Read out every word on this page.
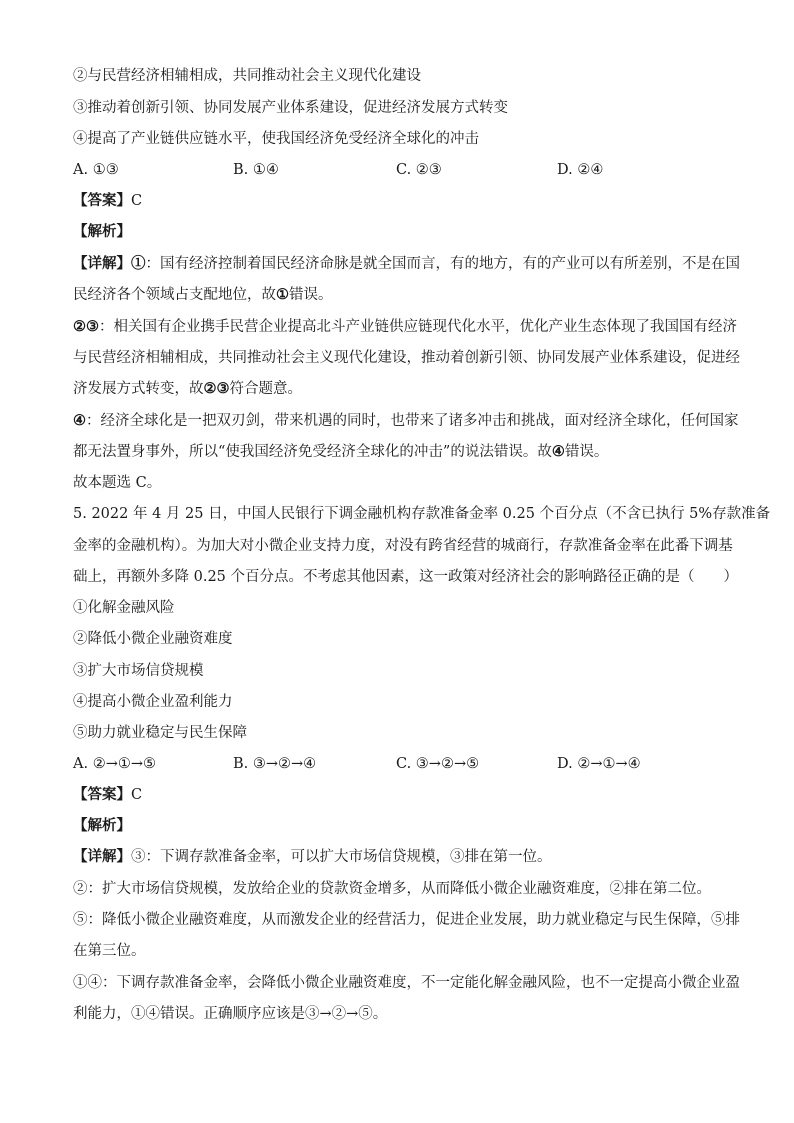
②与民营经济相辅相成，共同推动社会主义现代化建设
③推动着创新引领、协同发展产业体系建设，促进经济发展方式转变
④提高了产业链供应链水平，使我国经济免受经济全球化的冲击
A. ①③	B. ①④	C. ②③	D. ②④
【答案】C
【解析】
【详解】①：国有经济控制着国民经济命脉是就全国而言，有的地方，有的产业可以有所差别，不是在国
民经济各个领域占支配地位，故①错误。
②③：相关国有企业携手民营企业提高北斗产业链供应链现代化水平，优化产业生态体现了我国国有经济
与民营经济相辅相成，共同推动社会主义现代化建设，推动着创新引领、协同发展产业体系建设，促进经
济发展方式转变，故②③符合题意。
④：经济全球化是一把双刃剑，带来机遇的同时，也带来了诸多冲击和挑战，面对经济全球化，任何国家
都无法置身事外，所以“使我国经济免受经济全球化的冲击”的说法错误。故④错误。
故本题选 C。
5. 2022 年 4 月 25 日，中国人民银行下调金融机构存款准备金率 0.25 个百分点（不含已执行 5%存款准备
金率的金融机构）。为加大对小微企业支持力度，对没有跨省经营的城商行，存款准备金率在此番下调基
础上，再额外多降 0.25 个百分点。不考虑其他因素，这一政策对经济社会的影响路径正确的是（　　）
①化解金融风险
②降低小微企业融资难度
③扩大市场信贷规模
④提高小微企业盈利能力
⑤助力就业稳定与民生保障
A. ②→①→⑤	B. ③→②→④	C. ③→②→⑤	D. ②→①→④
【答案】C
【解析】
【详解】③：下调存款准备金率，可以扩大市场信贷规模，③排在第一位。
②：扩大市场信贷规模，发放给企业的贷款资金增多，从而降低小微企业融资难度，②排在第二位。
⑤：降低小微企业融资难度，从而激发企业的经营活力，促进企业发展，助力就业稳定与民生保障，⑤排
在第三位。
①④：下调存款准备金率，会降低小微企业融资难度，不一定能化解金融风险，也不一定提高小微企业盈
利能力，①④错误。正确顺序应该是③→②→⑤。
